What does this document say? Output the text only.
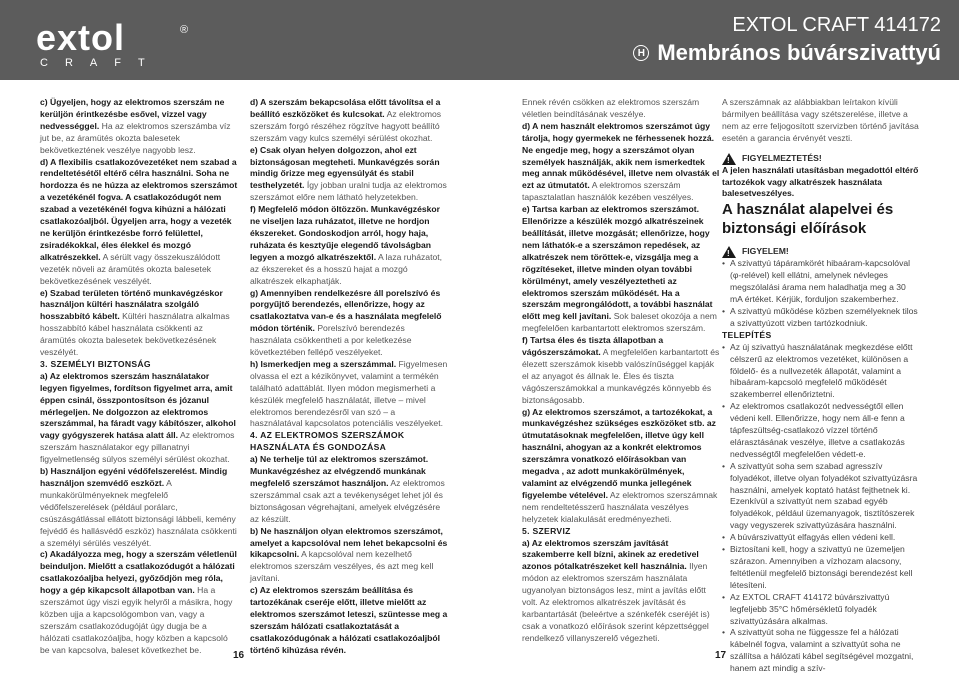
extol	®
CRAFT
EXTOL CRAFT 414172
H Membrános búvárszivattyú

c) Ügyeljen, hogy az elektromos szerszám ne kerüljön érintkezésbe esővel, vizzel vagy nedvességgel. Ha az elektromos szerszámba víz jut be, az áramütés okozta balesetek bekövetkeztének veszélye nagyobb lesz.

d) A flexibilis csatlakozóvezetéket nem szabad a rendeltetésétől eltérő célra használni. Soha ne hordozza és ne húzza az elektromos szerszámot a vezetékénél fogva. A csatlakozódugót nem szabad a vezetékénél fogva kihúzni a hálózati csatlakozóaljból. Ügyeljen arra, hogy a vezeték ne kerüljön érintkezésbe forró felülettel, zsiradékokkal, éles élekkel és mozgó alkatrészekkel. A sérült vagy összekuszálódott vezeték növeli az áramütés okozta balesetek bekövetkezésének veszélyét.

e) Szabad területen történő munkavégzéskor használjon kültéri használatra szolgáló hosszabbító kábelt. Kültéri használatra alkalmas hosszabbító kábel használata csökkenti az áramütés okozta balesetek bekövetkezésének veszélyét.

3. SZEMÉLYI BIZTONSÁG

a) Az elektromos szerszám használatakor legyen figyelmes, fordítson figyelmet arra, amit éppen csinál, összpontosítson és józanul mérlegeljen. Ne dolgozzon az elektromos szerszámmal, ha fáradt vagy kábítószer, alkohol vagy gyógyszerek hatása alatt áll. Az elektromos szerszám használatakor egy pillanatnyi figyelmetlenség súlyos személyi sérülést okozhat.

b) Használjon egyéni védőfelszerelést. Mindig használjon szemvédő eszközt. A munkakörülményeknek megfelelő védőfelszerelések (például porálarc, csúszásgátlással ellátott biztonsági lábbeli, kemény fejvédő és hallásvédő eszköz) használata csökkenti a személyi sérülés veszélyét.

c) Akadályozza meg, hogy a szerszám véletlenül beinduljon. Mielőtt a csatlakozódugót a hálózati csatlakozóaljba helyezi, győződjön meg róla, hogy a gép kikapcsolt állapotban van. Ha a szerszámot úgy viszi egyik helyről a másikra, hogy közben ujja a kapcsológombon van, vagy a szerszám csatlakozódugóját úgy dugja be a hálózati csatlakozóaljba, hogy közben a kapcsoló be van kapcsolva, baleset következhet be.

d) A szerszám bekapcsolása előtt távolítsa el a beállító eszközöket és kulcsokat. Az elektromos szerszám forgó részéhez rögzítve hagyott beállító szerszám vagy kulcs személyi sérülést okozhat.

e) Csak olyan helyen dolgozzon, ahol ezt biztonságosan megteheti. Munkavégzés során mindig őrizze meg egyensúlyát és stabil testhelyzetét. Így jobban uralni tudja az elektromos szerszámot előre nem látható helyzetekben.

f) Megfelelő módon öltözzön. Munkavégzéskor ne viseljen laza ruházatot, illetve ne hordjon ékszereket. Gondoskodjon arról, hogy haja, ruházata és kesztyűje elegendő távolságban legyen a mozgó alkatrészektől. A laza ruházatot, az ékszereket és a hosszú hajat a mozgó alkatrészek elkaphatják.

g) Amennyiben rendelkezésre áll porelszívó és porgyűjtő berendezés, ellenőrizze, hogy az csatlakoztatva van-e és a használata megfelelő módon történik. Porelszívó berendezés használata csökkentheti a por keletkezése következtében fellépő veszélyeket.

h) Ismerkedjen meg a szerszámmal. Figyelmesen olvassa el ezt a kézikönyvet, valamint a termékén található adattáblát. Ilyen módon megismerheti a készülék megfelelő használatát, illetve – mivel elektromos berendezésről van szó – a használatával kapcsolatos potenciális veszélyeket.

4. AZ ELEKTROMOS SZERSZÁMOK HASZNÁLATA ÉS GONDOZÁSA

a) Ne terhelje túl az elektromos szerszámot. Munkavégzéshez az elvégzendő munkának megfelelő szerszámot használjon. Az elektromos szerszámmal csak azt a tevékenységet lehet jól és biztonságosan végrehajtani, amelyek elvégzésére az készült.

b) Ne használjon olyan elektromos szerszámot, amelyet a kapcsolóval nem lehet bekapcsolni és kikapcsolni. A kapcsolóval nem kezelhető elektromos szerszám veszélyes, és azt meg kell javítani.

c) Az elektromos szerszám beállítása és tartozékának cseréje előtt, illetve mielőtt az elektromos szerszámot leteszi, szüntesse meg a szerszám hálózati csatlakoztatását a csatlakozódugónak a hálózati csatlakozóaljból történő kihúzása révén.

Ennek révén csökken az elektromos szerszám véletlen beindításának veszélye.

d) A nem használt elektromos szerszámot úgy tárolja, hogy gyermekek ne férhessenek hozzá. Ne engedje meg, hogy a szerszámot olyan személyek használják, akik nem ismerkedtek meg annak működésével, illetve nem olvasták el ezt az útmutatót. A elektromos szerszám tapasztalatlan használók kezében veszélyes.

e) Tartsa karban az elektromos szerszámot. Ellenőrizze a készülék mozgó alkatrészeinek beállítását, illetve mozgását; ellenőrizze, hogy nem láthatók-e a szerszámon repedések, az alkatrészek nem töröttek-e, vizsgálja meg a rögzítéseket, illetve minden olyan további körülményt, amely veszélyeztetheti az elektromos szerszám működését. Ha a szerszám megrongálódott, a további használat előtt meg kell javítani. Sok baleset okozója a nem megfelelően karbantartott elektromos szerszám.

f) Tartsa éles és tiszta állapotban a vágószerszámokat. A megfelelően karbantartott és élezett szerszámok kisebb valószínűséggel kapják el az anyagot és állnak le. Éles és tiszta vágószerszámokkal a munkavégzés könnyebb és biztonságosabb.

g) Az elektromos szerszámot, a tartozékokat, a munkavégzéshez szükséges eszközöket stb. az útmutatásoknak megfelelően, illetve úgy kell használni, ahogyan az a konkrét elektromos szerszámra vonatkozó előírásokban van megadva , az adott munkakörülmények, valamint az elvégzendő munka jellegének figyelembe vételével. Az elektromos szerszámnak nem rendeltetésszerű használata veszélyes helyzetek kialakulását eredményezheti.

5. SZERVIZ

a) Az elektromos szerszám javítását szakemberre kell bízni, akinek az eredetivel azonos pótalkatrészeket kell használnia. Ilyen módon az elektromos szerszám használata ugyanolyan biztonságos lesz, mint a javítás előtt volt. Az elektromos alkatrészek javítását és karbantartását (beleértve a szénkefék cseréjét is) csak a vonatkozó előírások szerint képzettséggel rendelkező villanyszerelő végezheti.

A szerszámnak az alábbiakban leírtakon kívüli bármilyen beállítása vagy szétszerelése, illetve a nem az erre feljogosított szervizben történő javítása esetén a garancia érvényét veszti.

! FIGYELMEZTETÉS!

A jelen használati utasításban megadottól eltérő tartozékok vagy alkatrészek használata balesetveszélyes.

A használat alapelvei és biztonsági előírások

! FIGYELEM!
• A szivattyú tápáramkörét hibaáram-kapcsolóval (φ-relével) kell ellátni, amelynek névleges megszólalási árama nem haladhatja meg a 30 mA értéket. Kérjük, forduljon szakemberhez.
• A szivattyú működése közben személyeknek tilos a szivattyúzott vizben tartózkodniuk.

TELEPÍTÉS

• Az új szivattyú használatának megkezdése előtt célszerű az elektromos vezetéket, különösen a földelő- és a nullvezeték állapotát, valamint a hibaáram-kapcsoló megfelelő működését szakemberrel ellenőriztetni.
• Az elektromos csatlakozót nedvességtől ellen védeni kell. Ellenőrizze, hogy nem áll-e fenn a tápfeszültség-csatlakozó vízzel történő elárasztásának veszélye, illetve a csatlakozás nedvességtől megfelelően védett-e.
• A szivattyút soha sem szabad agresszív folyadékot, illetve olyan folyadékot szivattyúzásra használni, amelyek koptató hatást fejthetnek ki. Ezenkívül a szivattyút nem szabad egyéb folyadékok, például üzemanyagok, tisztítószerek vagy vegyszerek szivattyúzására használni.
• A búvárszivattyút elfagyás ellen védeni kell.
• Biztosítani kell, hogy a szivattyú ne üzemeljen szárazon. Amennyiben a vízhozam alacsony, feltétlenül megfelelő biztonsági berendezést kell létesíteni.
• Az EXTOL CRAFT 414172 búvárszivattyú legfeljebb 35°C hőmérsékletű folyadék szivattyúzására alkalmas.
• A szivattyút soha ne függessze fel a hálózati kábelnél fogva, valamint a szivattyút soha ne szállítsa a hálózati kábel segítségével mozgatni, hanem azt mindig a szív-
16	17
